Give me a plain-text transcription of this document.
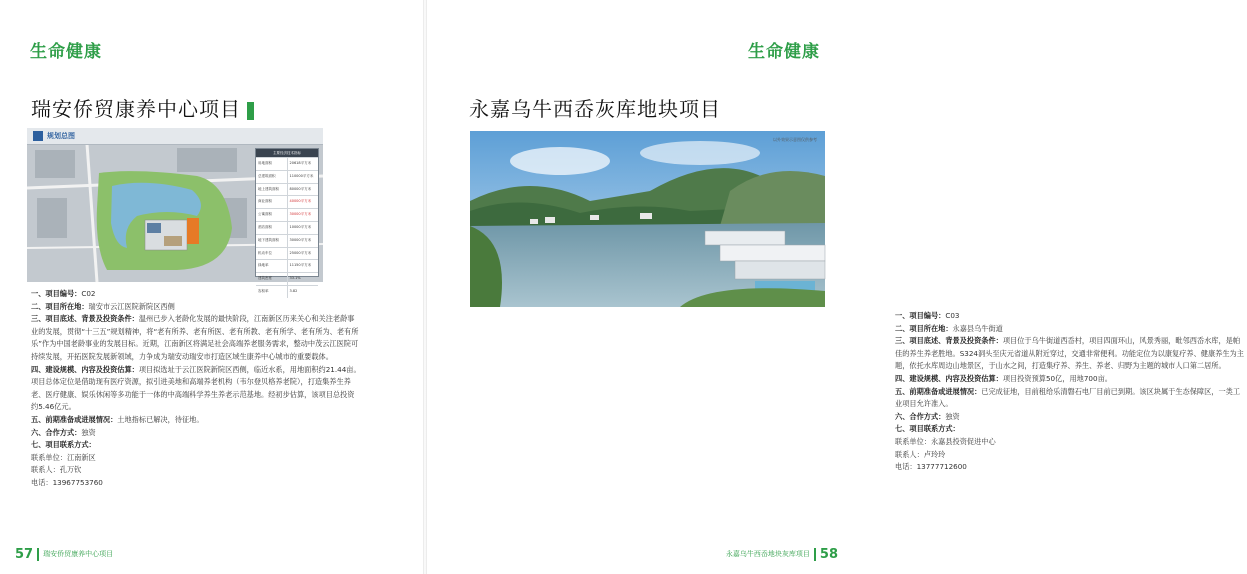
生命健康
瑞安侨贸康养中心项目
规划总图
主要经济技术指标
用地面积	20618平方米
总建筑面积	110000平方米
地上建筑面积	80000平方米
商业面积	40000平方米
公寓面积	30000平方米
酒店面积	10000平方米
地下建筑面积	30000平方米
机动车位	25000平方米
绿地率	11150平方米
建筑密度	33.1%
容积率	3.82

一、项目编号：C02

二、项目所在地：瑞安市云江医院新院区西侧

三、项目底述、背景及投资条件：温州已步入老龄化发展的最快阶段，江南新区历来关心和关注老龄事业的发展，贯彻“十三五”规划精神，将“老有所养、老有所医、老有所教、老有所学、老有所为、老有所乐”作为中国老龄事业的发展目标。近期，江南新区将满足社会高端养老服务需求，整动中茂云江医院可持续发展，开拓医院发展新领域，力争成为瑞安动瑞安市打造区域生康养中心城市的重要载体。

四、建设规模、内容及投资估算：项目拟选址于云江医院新院区西侧，临近水系，用地面积约21.44亩。项目总体定位是借助现有医疗资源，拟引进美地和高端养老机构（韦尔登贝格养老院），打造集养生养老、医疗健康、娱乐休闲等多功能于一体的中高端科学养生养老示范基地。经初步估算，该项目总投资约5.46亿元。

五、前期准备或进展情况：土地指标已解决，待征地。

六、合作方式：独资

七、项目联系方式：

联系单位：江南新区

联系人：孔万钦

电话：13967753760

57 瑞安侨贸康养中心项目
生命健康
永嘉乌牛西岙灰库地块项目

一、项目编号：C03

二、项目所在地：永嘉县乌牛街道

三、项目底述、背景及投资条件：项目位于乌牛街道西岙村，项目四面环山，风景秀丽，毗邻西岙水库，是帕佳的养生养老胜地。S324洞头至庆元省道从附近穿过，交通非常便利。功能定位为以康复疗养、健康养生为主题，依托水库周边山地景区，于山水之间，打造集疗养、养生、养老、归野为主题的城市人口第二居所。

四、建设规模、内容及投资估算：项目投资预算50亿，用地700亩。

五、前期准备或进展情况：已完成征地，目前租给乐清磐石电厂目前已到期。该区块属于生态保障区，一类工业项目允许准入。

六、合作方式：独资

七、项目联系方式：

联系单位：永嘉县投资促进中心

联系人：卢玲玲

电话：13777712600

永嘉乌牛西岙地块灰库项目 58
以外效果示意图仅供参考
